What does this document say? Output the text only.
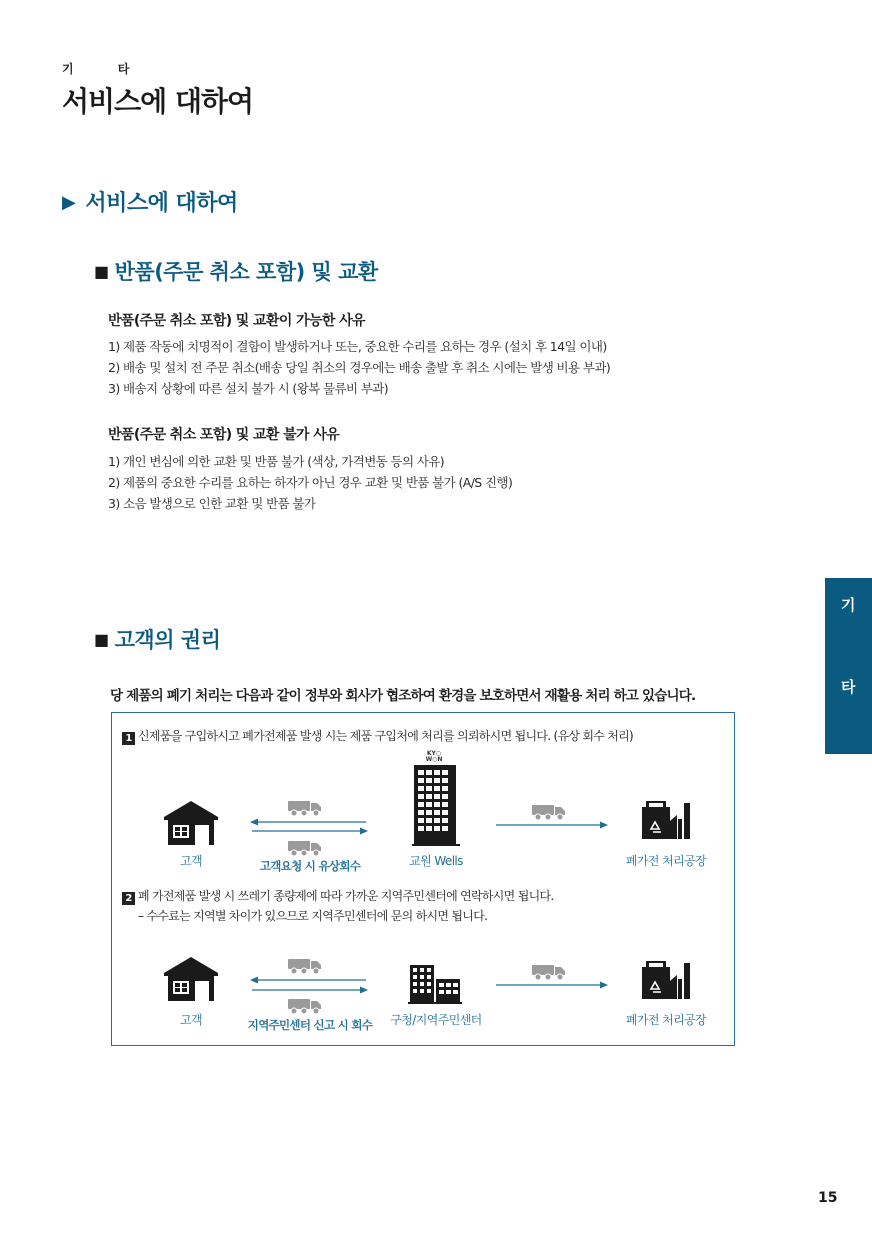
기 타
서비스에 대하여
▶ 서비스에 대하여
■ 반품(주문 취소 포함) 및 교환
반품(주문 취소 포함) 및 교환이 가능한 사유
1) 제품 작동에 치명적이 결함이 발생하거나 또는, 중요한 수리를 요하는 경우 (설치 후 14일 이내)
2) 배송 및 설치 전 주문 취소(배송 당일 취소의 경우에는 배송 출발 후 취소 시에는 발생 비용 부과)
3) 배송지 상황에 따른 설치 불가 시 (왕복 물류비 부과)
반품(주문 취소 포함) 및 교환 불가 사유
1) 개인 변심에 의한 교환 및 반품 불가 (색상, 가격변동 등의 사유)
2) 제품의 중요한 수리를 요하는 하자가 아닌 경우 교환 및 반품 불가 (A/S 진행)
3) 소음 발생으로 인한 교환 및 반품 불가
기
타
■ 고객의 권리
당 제품의 폐기 처리는 다음과 같이 정부와 회사가 협조하여 환경을 보호하면서 재활용 처리 하고 있습니다.
1 신제품을 구입하시고 폐가전제품 발생 시는 제품 구입처에 처리를 의뢰하시면 됩니다. (유상 회수 처리)
고객	고객요청 시 유상회수
KY○
W○N
교원 Wells	폐가전 처리공장
2 폐 가전제품 발생 시 쓰레기 종량제에 따라 가까운 지역주민센터에 연락하시면 됩니다.
– 수수료는 지역별 차이가 있으므로 지역주민센터에 문의 하시면 됩니다.
고객	지역주민센터 신고 시 회수	구청/지역주민센터	폐가전 처리공장
15
